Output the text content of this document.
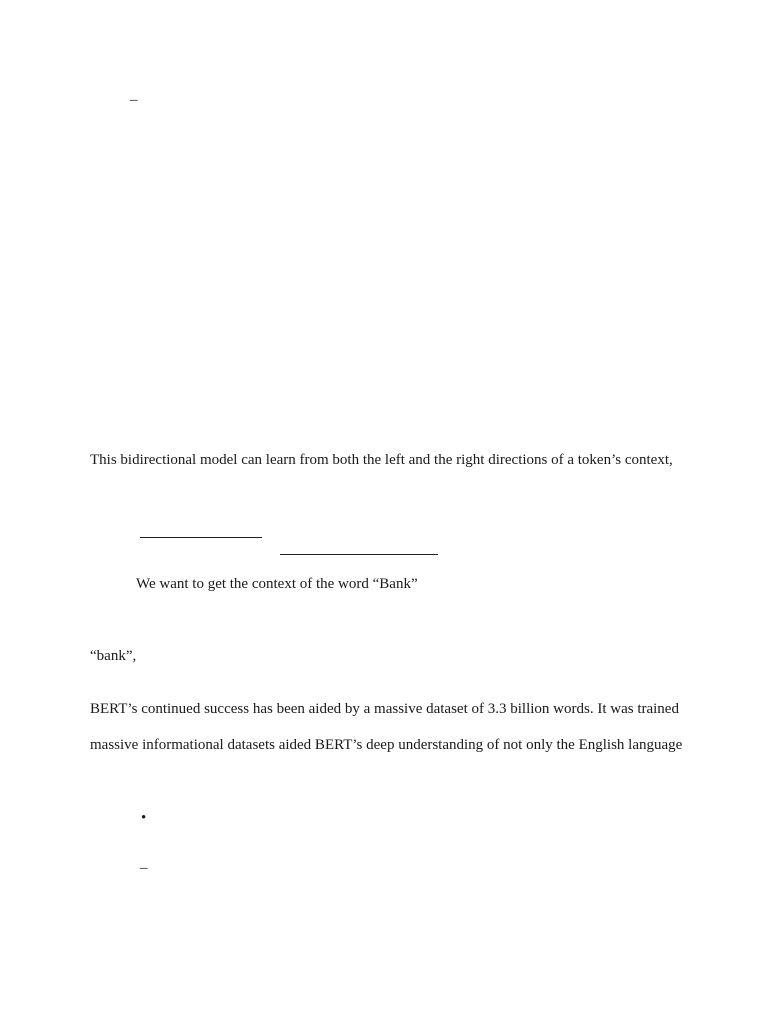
–
This bidirectional model can learn from both the left and the right directions of a token’s context,
We want to get the context of the word “Bank”
“bank”,
BERT’s continued success has been aided by a massive dataset of 3.3 billion words. It was trained
massive informational datasets aided BERT’s deep understanding of not only the English language
•
–
